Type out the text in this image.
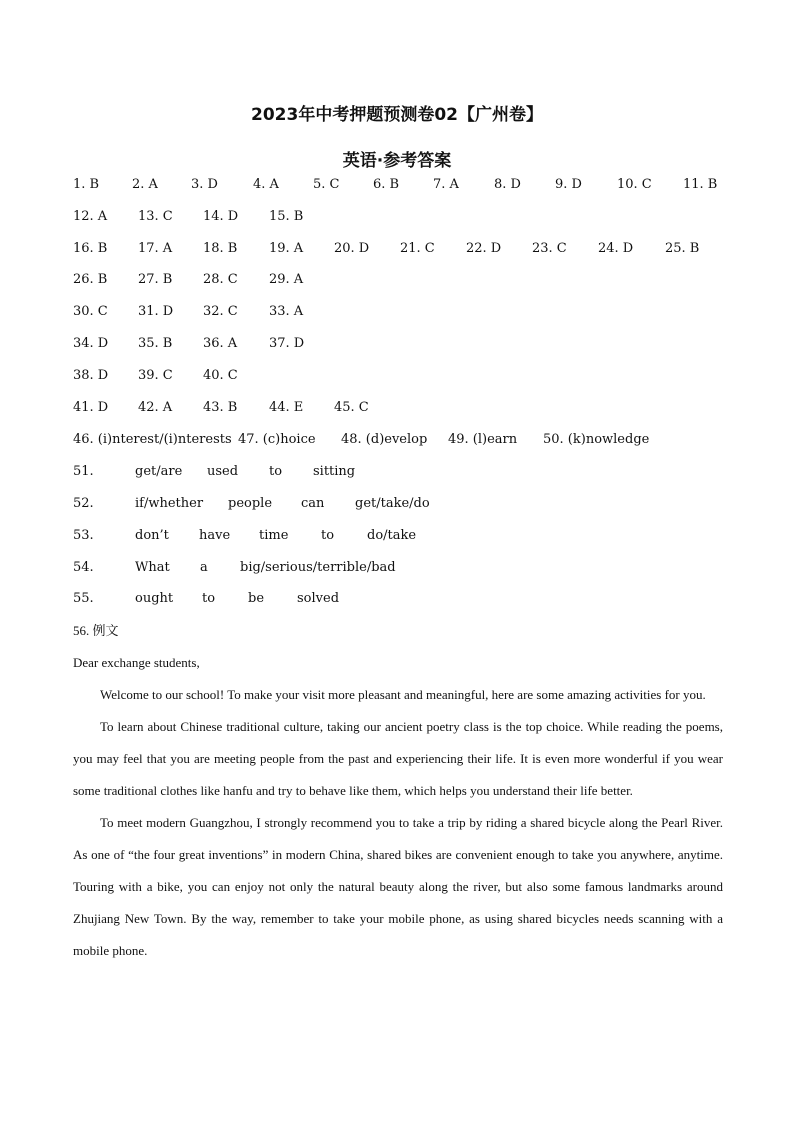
2023年中考押题预测卷02【广州卷】
英语·参考答案
1. B	2. A	3. D	4. A	5. C	6. B	7. A	8. D	9. D	10. C 11. B
12. A 13. C 14. D 15. B
16. B 17. A 18. B 19. A 20. D 21. C 22. D 23. C 24. D 25. B
26. B 27. B 28. C 29. A
30. C 31. D 32. C 33. A
34. D 35. B 36. A 37. D
38. D 39. C 40. C
41. D 42. A 43. B 44. E 45. C
46. (i)nterest/(i)nterests 47. (c)hoice 48. (d)evelop 49. (l)earn 50. (k)nowledge
51.	get/are used to sitting
52.	if/whether people can get/take/do
53.	don’t have time	to	do/take
54.	What a big/serious/terrible/bad
55.	ought to	be	solved

56. 例文

Dear exchange students,

Welcome to our school! To make your visit more pleasant and meaningful, here are some amazing activities for you.

To learn about Chinese traditional culture, taking our ancient poetry class is the top choice. While reading the poems, you may feel that you are meeting people from the past and experiencing their life. It is even more wonderful if you wear some traditional clothes like hanfu and try to behave like them, which helps you understand their life better.

To meet modern Guangzhou, I strongly recommend you to take a trip by riding a shared bicycle along the Pearl River. As one of “the four great inventions” in modern China, shared bikes are convenient enough to take you anywhere, anytime. Touring with a bike, you can enjoy not only the natural beauty along the river, but also some famous landmarks around Zhujiang New Town. By the way, remember to take your mobile phone, as using shared bicycles needs scanning with a mobile phone.
